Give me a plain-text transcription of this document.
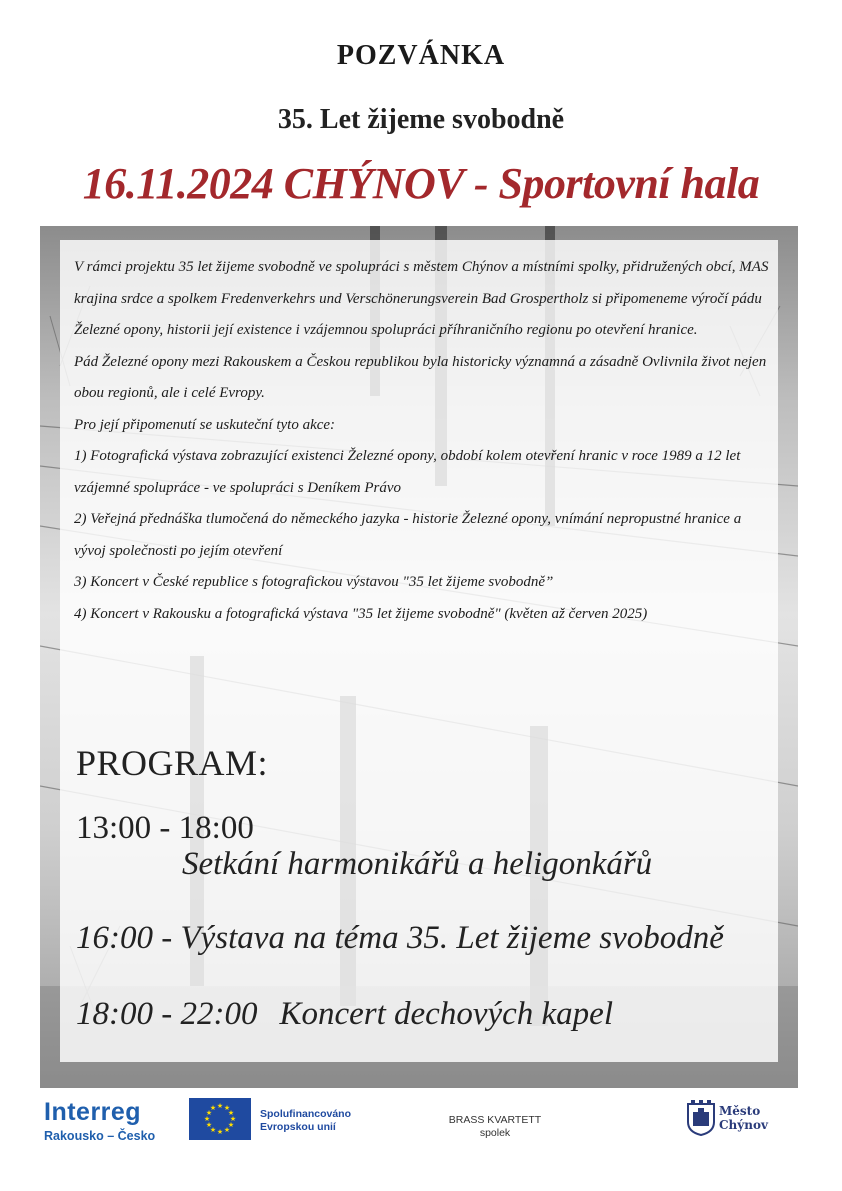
POZVÁNKA
35. Let žijeme svobodně
16.11.2024 CHÝNOV - Sportovní hala

V rámci projektu 35 let žijeme svobodně ve spolupráci s městem Chýnov a místními spolky, přidružených obcí, MAS krajina srdce a spolkem Fredenverkehrs und Verschönerungsverein Bad Grospertholz si připomeneme výročí pádu Železné opony, historii její existence i vzájemnou spolupráci příhraničního regionu po otevření hranice.

Pád Železné opony mezi Rakouskem a Českou republikou byla historicky významná a zásadně Ovlivnila život nejen obou regionů, ale i celé Evropy.

Pro její připomenutí se uskuteční tyto akce:

1) Fotografická výstava zobrazující existenci Železné opony, období kolem otevření hranic v roce 1989 a 12 let vzájemné spolupráce - ve spolupráci s Deníkem Právo

2) Veřejná přednáška tlumočená do německého jazyka - historie Železné opony, vnímání nepropustné hranice a vývoj společnosti po jejím otevření

3) Koncert v České republice s fotografickou výstavou "35 let žijeme svobodně”

4) Koncert v Rakousku a fotografická výstava "35 let žijeme svobodně" (květen až červen 2025)

PROGRAM:
13:00 - 18:00
Setkání harmonikářů a heligonkářů
16:00 - Výstava na téma 35. Let žijeme svobodně
18:00 - 22:00 Koncert dechových kapel
Interreg
Rakousko – Česko
★ ★
★
★
★
★
★
★
★
★
★
★	Spolufinancováno
Evropskou unií
BRASS KVARTETT
spolek
Město
Chýnov
